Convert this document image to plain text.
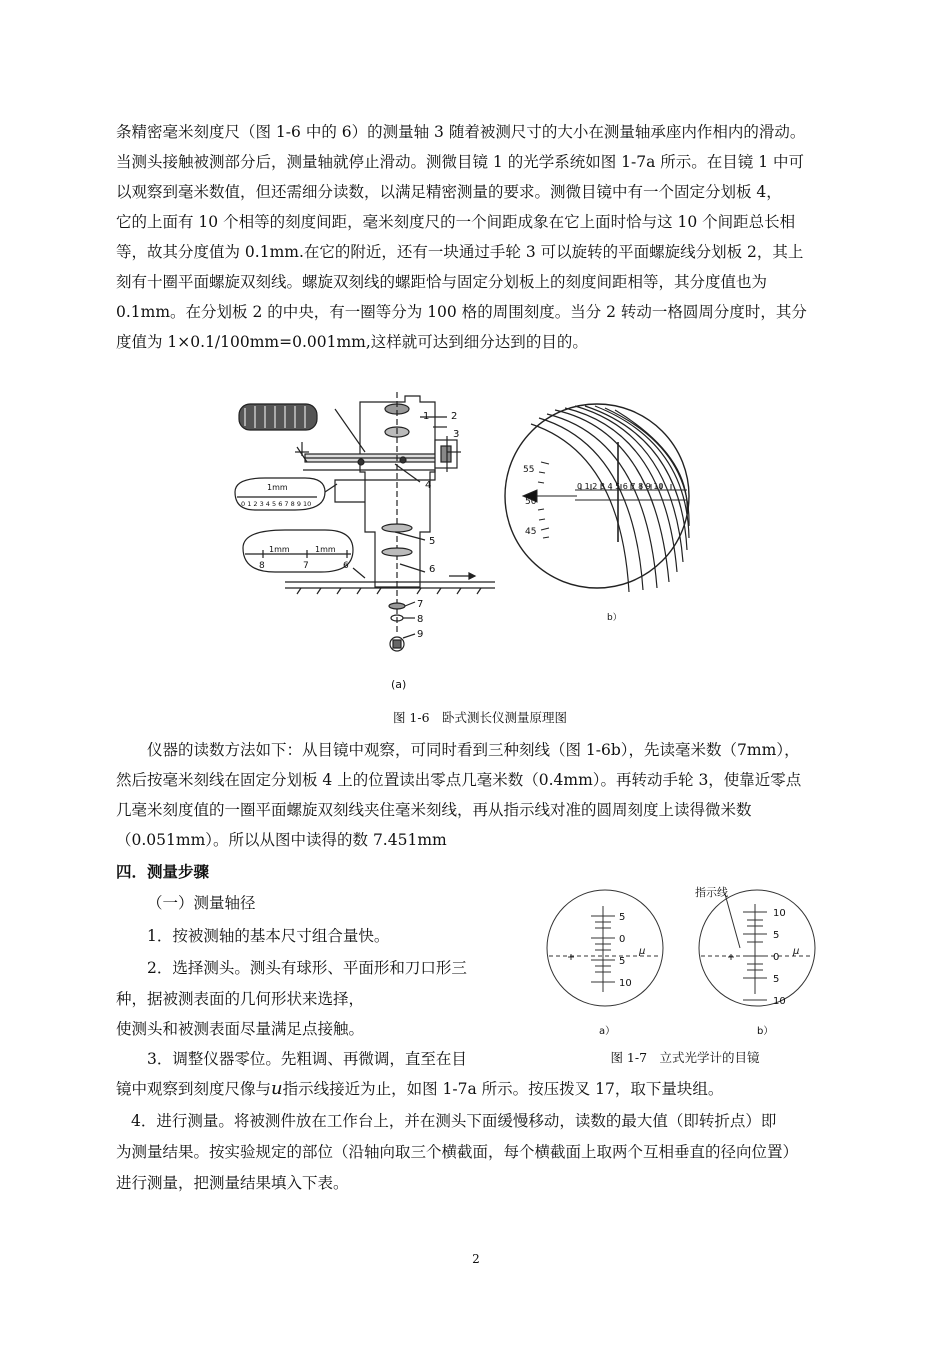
条精密毫米刻度尺（图 1-6 中的 6）的测量轴 3 随着被测尺寸的大小在测量轴承座内作相内的滑动。

当测头接触被测部分后，测量轴就停止滑动。测微目镜 1 的光学系统如图 1-7a 所示。在目镜 1 中可

以观察到毫米数值，但还需细分读数，以满足精密测量的要求。测微目镜中有一个固定分划板 4，

它的上面有 10 个相等的刻度间距，毫米刻度尺的一个间距成象在它上面时恰与这 10 个间距总长相

等，故其分度值为 0.1mm.在它的附近，还有一块通过手轮 3 可以旋转的平面螺旋线分划板 2，其上

刻有十圈平面螺旋双刻线。螺旋双刻线的螺距恰与固定分划板上的刻度间距相等，其分度值也为

0.1mm。在分划板 2 的中央，有一圈等分为 100 格的周围刻度。当分 2 转动一格圆周分度时，其分

度值为 1×0.1/100mm=0.001mm,这样就可达到细分达到的目的。

1 2
3
4
5
6
7
8
9
1mm
0 1 2 3 4 5 6 7 8 9 10
1mm	1mm
8	7	6
(a)
55
50
45
0 1 2 3 4 5 6 7 8 9 10
b）
图 1-6　卧式测长仪测量原理图

仪器的读数方法如下：从目镜中观察，可同时看到三种刻线（图 1-6b），先读毫米数（7mm），

然后按毫米刻线在固定分划板 4 上的位置读出零点几毫米数（0.4mm）。再转动手轮 3，使靠近零点

几毫米刻度值的一圈平面螺旋双刻线夹住毫米刻线，再从指示线对准的圆周刻度上读得微米数

（0.051mm）。所以从图中读得的数 7.451mm

四．测量步骤

（一）测量轴径

1．按被测轴的基本尺寸组合量快。

2．选择测头。测头有球形、平面形和刀口形三

种，据被测表面的几何形状来选择，

使测头和被测表面尽量满足点接触。

3．调整仪器零位。先粗调、再微调，直至在目

镜中观察到刻度尺像与u指示线接近为止，如图 1-7a 所示。按压拨叉 17，取下量块组。

4．进行测量。将被测件放在工作台上，并在测头下面缓慢移动，读数的最大值（即转折点）即

为测量结果。按实验规定的部位（沿轴向取三个横截面，每个横截面上取两个互相垂直的径向位置）

进行测量，把测量结果填入下表。

指示线
5
0
5
10
μ
10
5
0
5
10
μ
a）	b）
图 1-7　立式光学计的目镜
2
